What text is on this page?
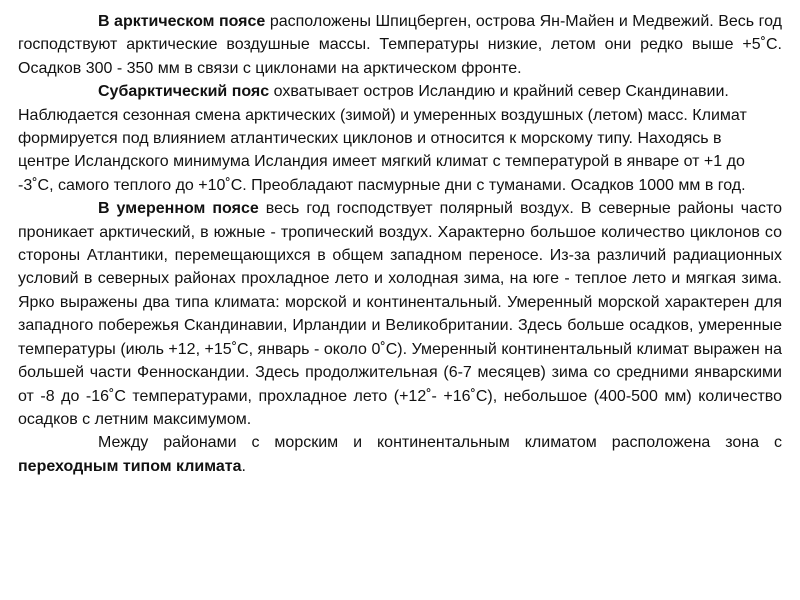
В арктическом поясе расположены Шпицберген, острова Ян-Майен и Медвежий. Весь год господствуют арктические воздушные массы. Температуры низкие, летом они редко выше +5˚С. Осадков 300 - 350 мм в связи с циклонами на арктическом фронте.

Субарктический пояс охватывает остров Исландию и крайний север Скандинавии. Наблюдается сезонная смена арктических (зимой) и умеренных воздушных (летом) масс. Климат формируется под влиянием атлантических циклонов и относится к морскому типу. Находясь в центре Исландского минимума Исландия имеет мягкий климат с температурой в январе от +1 до -3˚С, самого теплого до +10˚С. Преобладают пасмурные дни с туманами. Осадков 1000 мм в год.

В умеренном поясе весь год господствует полярный воздух. В северные районы часто проникает арктический, в южные - тропический воздух. Характерно большое количество циклонов со стороны Атлантики, перемещающихся в общем западном переносе. Из-за различий радиационных условий в северных районах прохладное лето и холодная зима, на юге - теплое лето и мягкая зима. Ярко выражены два типа климата: морской и континентальный. Умеренный морской характерен для западного побережья Скандинавии, Ирландии и Великобритании. Здесь больше осадков, умеренные температуры (июль +12, +15˚С, январь - около 0˚С). Умеренный континентальный климат выражен на большей части Фенноскандии. Здесь продолжительная (6-7 месяцев) зима со средними январскими от -8 до -16˚С температурами, прохладное лето (+12˚- +16˚С), небольшое (400-500 мм) количество осадков с летним максимумом.

Между районами с морским и континентальным климатом расположена зона с переходным типом климата.
